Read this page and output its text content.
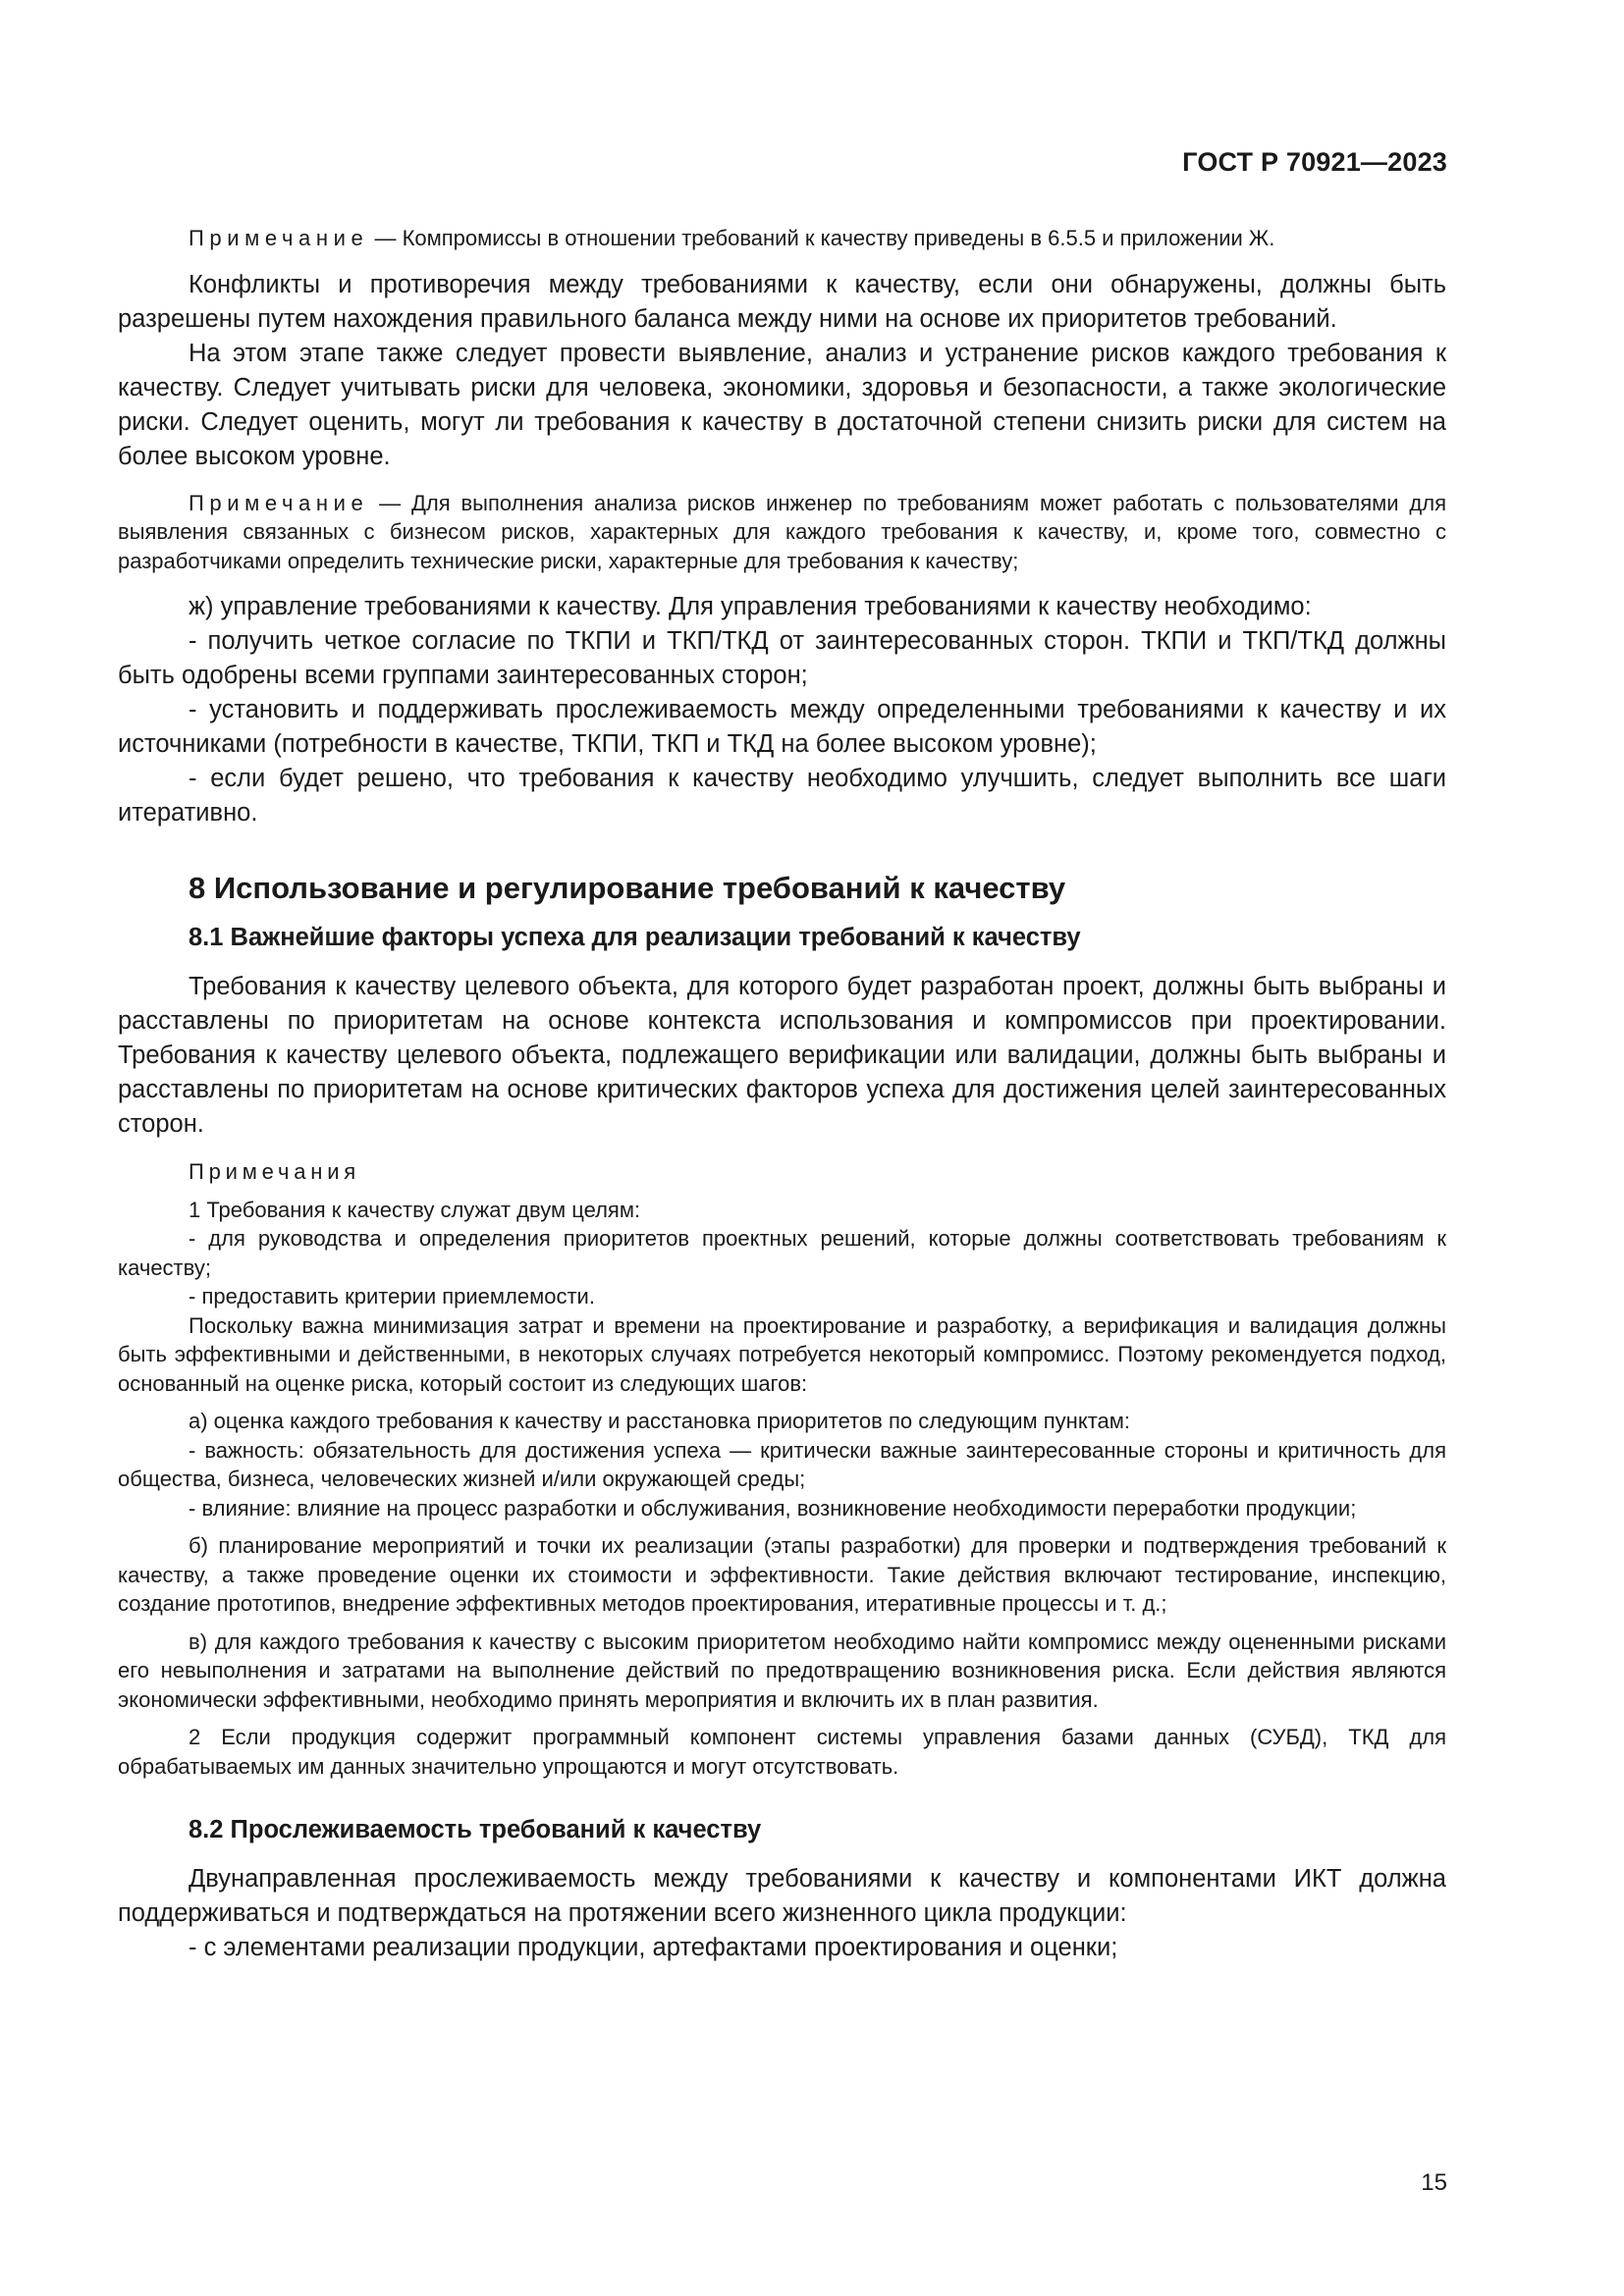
ГОСТ Р 70921—2023

Примечание — Компромиссы в отношении требований к качеству приведены в 6.5.5 и приложении Ж.

Конфликты и противоречия между требованиями к качеству, если они обнаружены, должны быть разрешены путем нахождения правильного баланса между ними на основе их приоритетов требований.

На этом этапе также следует провести выявление, анализ и устранение рисков каждого требования к качеству. Следует учитывать риски для человека, экономики, здоровья и безопасности, а также экологические риски. Следует оценить, могут ли требования к качеству в достаточной степени снизить риски для систем на более высоком уровне.

Примечание — Для выполнения анализа рисков инженер по требованиям может работать с пользователями для выявления связанных с бизнесом рисков, характерных для каждого требования к качеству, и, кроме того, совместно с разработчиками определить технические риски, характерные для требования к качеству;

ж) управление требованиями к качеству. Для управления требованиями к качеству необходимо:

- получить четкое согласие по ТКПИ и ТКП/ТКД от заинтересованных сторон. ТКПИ и ТКП/ТКД должны быть одобрены всеми группами заинтересованных сторон;

- установить и поддерживать прослеживаемость между определенными требованиями к качеству и их источниками (потребности в качестве, ТКПИ, ТКП и ТКД на более высоком уровне);

- если будет решено, что требования к качеству необходимо улучшить, следует выполнить все шаги итеративно.

8 Использование и регулирование требований к качеству
8.1 Важнейшие факторы успеха для реализации требований к качеству

Требования к качеству целевого объекта, для которого будет разработан проект, должны быть выбраны и расставлены по приоритетам на основе контекста использования и компромиссов при проектировании. Требования к качеству целевого объекта, подлежащего верификации или валидации, должны быть выбраны и расставлены по приоритетам на основе критических факторов успеха для достижения целей заинтересованных сторон.

Примечания

1 Требования к качеству служат двум целям:

- для руководства и определения приоритетов проектных решений, которые должны соответствовать требованиям к качеству;

- предоставить критерии приемлемости.

Поскольку важна минимизация затрат и времени на проектирование и разработку, а верификация и валидация должны быть эффективными и действенными, в некоторых случаях потребуется некоторый компромисс. Поэтому рекомендуется подход, основанный на оценке риска, который состоит из следующих шагов:

а) оценка каждого требования к качеству и расстановка приоритетов по следующим пунктам:

- важность: обязательность для достижения успеха — критически важные заинтересованные стороны и критичность для общества, бизнеса, человеческих жизней и/или окружающей среды;

- влияние: влияние на процесс разработки и обслуживания, возникновение необходимости переработки продукции;

б) планирование мероприятий и точки их реализации (этапы разработки) для проверки и подтверждения требований к качеству, а также проведение оценки их стоимости и эффективности. Такие действия включают тестирование, инспекцию, создание прототипов, внедрение эффективных методов проектирования, итеративные процессы и т. д.;

в) для каждого требования к качеству с высоким приоритетом необходимо найти компромисс между оцененными рисками его невыполнения и затратами на выполнение действий по предотвращению возникновения риска. Если действия являются экономически эффективными, необходимо принять мероприятия и включить их в план развития.

2 Если продукция содержит программный компонент системы управления базами данных (СУБД), ТКД для обрабатываемых им данных значительно упрощаются и могут отсутствовать.

8.2 Прослеживаемость требований к качеству

Двунаправленная прослеживаемость между требованиями к качеству и компонентами ИКТ должна поддерживаться и подтверждаться на протяжении всего жизненного цикла продукции:

- с элементами реализации продукции, артефактами проектирования и оценки;

15
